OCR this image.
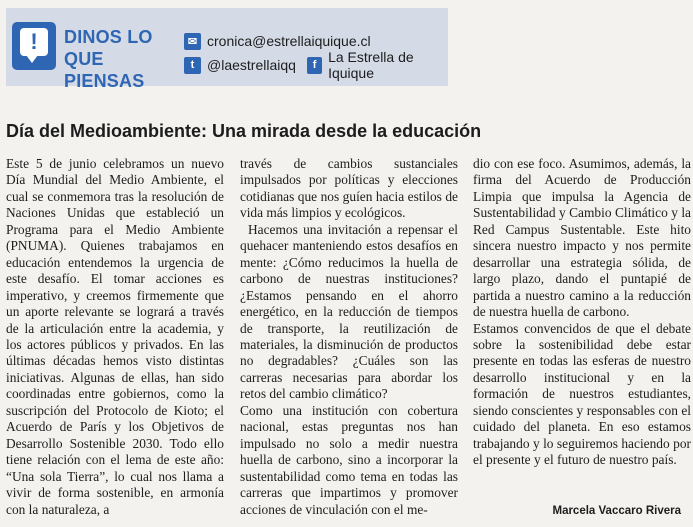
!	DINOS LO QUE PIENSAS
✉ cronica@estrellaiquique.cl
t @laestrellaiqq	f La Estrella de Iquique
Día del Medioambiente: Una mirada desde la educación

Este 5 de junio celebramos un nuevo Día Mundial del Medio Ambiente, el cual se conmemora tras la resolución de Naciones Unidas que estableció un Programa para el Medio Ambiente (PNUMA). Quienes trabajamos en educación entendemos la urgencia de este desafío. El tomar acciones es imperativo, y creemos firmemente que un aporte relevante se logrará a través de la articulación entre la academia, y los actores públicos y privados. En las últimas décadas hemos visto distintas iniciativas. Algunas de ellas, han sido coordinadas entre gobiernos, como la suscripción del Protocolo de Kioto; el Acuerdo de París y los Objetivos de Desarrollo Sostenible 2030. Todo ello tiene relación con el lema de este año: “Una sola Tierra”, lo cual nos llama a vivir de forma sostenible, en armonía con la naturaleza, a

través de cambios sustanciales impulsados por políticas y elecciones cotidianas que nos guíen hacia estilos de vida más limpios y ecológicos.

Hacemos una invitación a repensar el quehacer manteniendo estos desafíos en mente: ¿Cómo reducimos la huella de carbono de nuestras instituciones? ¿Estamos pensando en el ahorro energético, en la reducción de tiempos de transporte, la reutilización de materiales, la disminución de productos no degradables? ¿Cuáles son las carreras necesarias para abordar los retos del cambio climático?

Como una institución con cobertura nacional, estas preguntas nos han impulsado no solo a medir nuestra huella de carbono, sino a incorporar la sustentabilidad como tema en todas las carreras que impartimos y promover acciones de vinculación con el me-

dio con ese foco. Asumimos, además, la firma del Acuerdo de Producción Limpia que impulsa la Agencia de Sustentabilidad y Cambio Climático y la Red Campus Sustentable. Este hito sincera nuestro impacto y nos permite desarrollar una estrategia sólida, de largo plazo, dando el puntapié de partida a nuestro camino a la reducción de nuestra huella de carbono.

Estamos convencidos de que el debate sobre la sostenibilidad debe estar presente en todas las esferas de nuestro desarrollo institucional y en la formación de nuestros estudiantes, siendo conscientes y responsables con el cuidado del planeta. En eso estamos trabajando y lo seguiremos haciendo por el presente y el futuro de nuestro país.

Marcela Vaccaro Rivera
